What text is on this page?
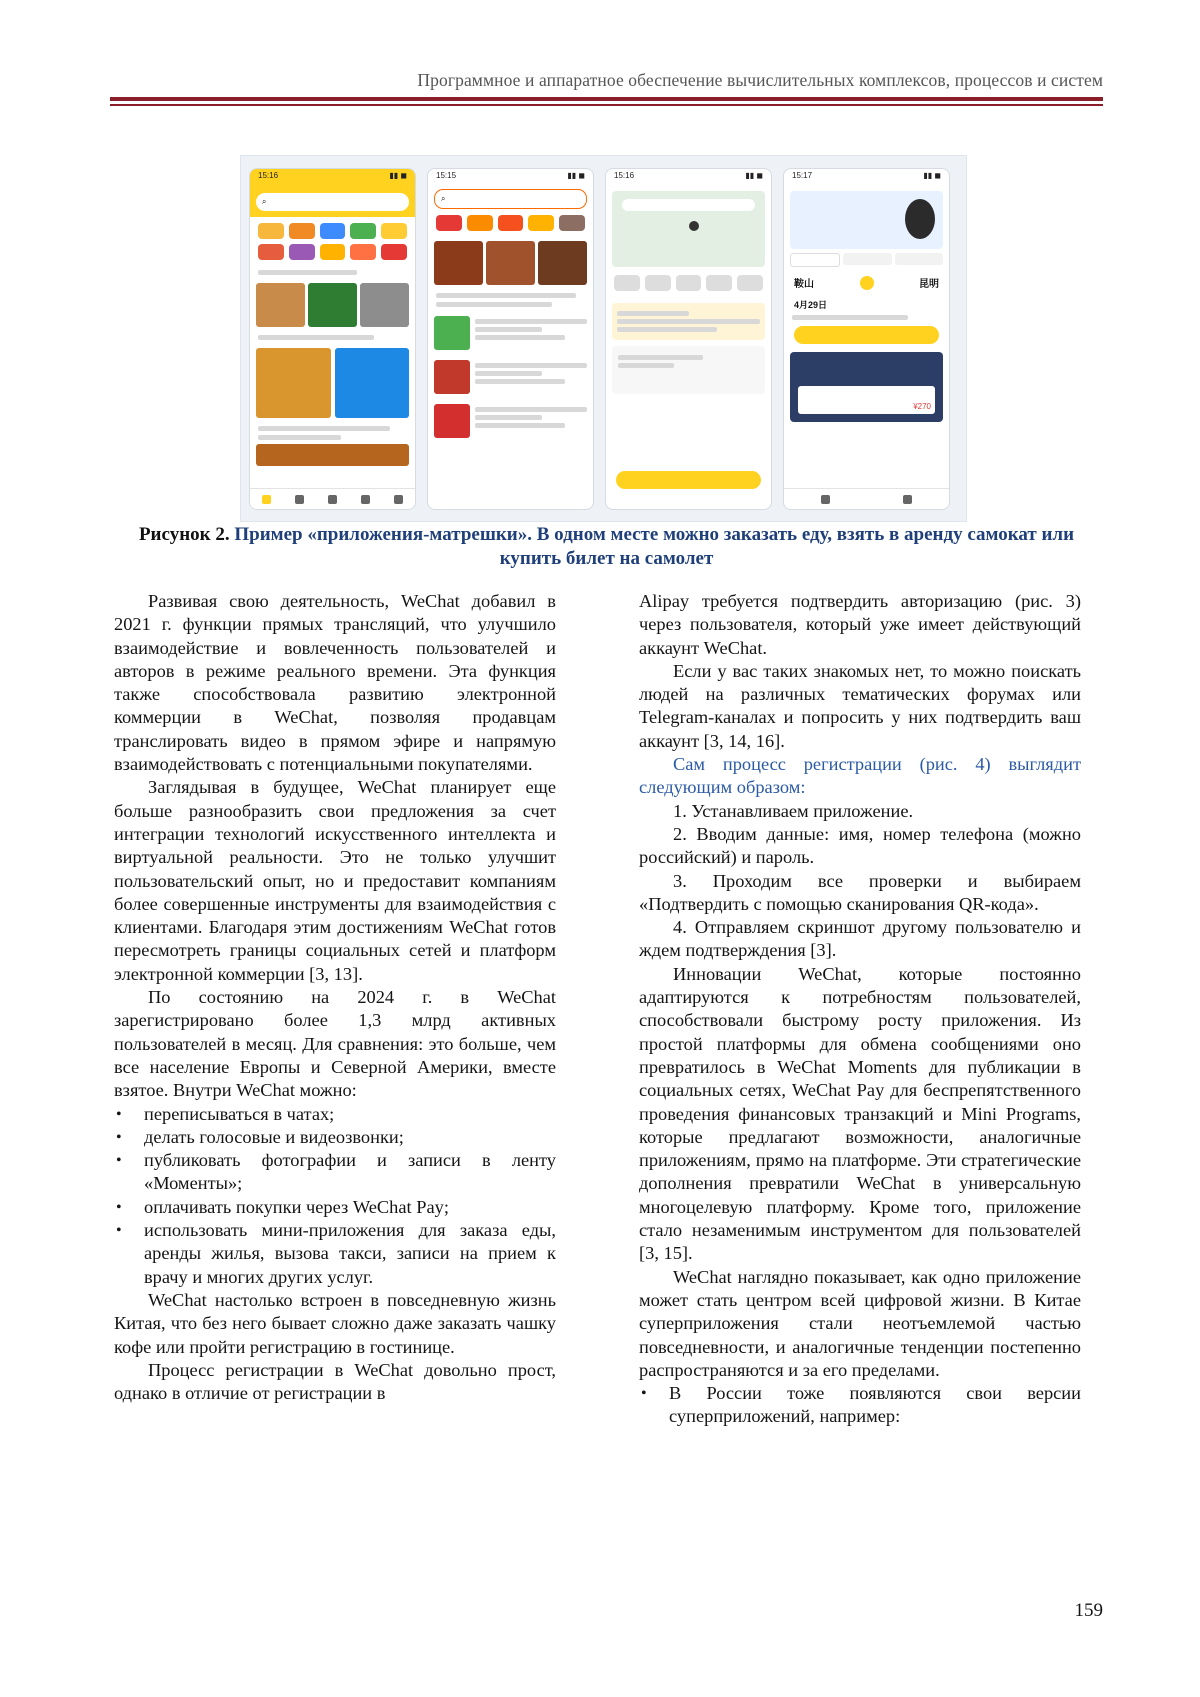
Программное и аппаратное обеспечение вычислительных комплексов, процессов и систем
15:16	▮▮ ◼
⌕
15:15	▮▮ ◼
⌕
15:16	▮▮ ◼	15:17	▮▮ ◼
鞍山	昆明
4月29日
¥270
Рисунок 2. Пример «приложения-матрешки». В одном месте можно заказать еду, взять в аренду самокат или купить билет на самолет

Развивая свою деятельность, WeChat добавил в 2021 г. функции прямых трансляций, что улучшило взаимодействие и вовлеченность пользователей и авторов в режиме реального времени. Эта функция также способствовала развитию электронной коммерции в WeChat, позволяя продавцам транслировать видео в прямом эфире и напрямую взаимодействовать с потенциальными покупателями.

Заглядывая в будущее, WeChat планирует еще больше разнообразить свои предложения за счет интеграции технологий искусственного интеллекта и виртуальной реальности. Это не только улучшит пользовательский опыт, но и предоставит компаниям более совершенные инструменты для взаимодействия с клиентами. Благодаря этим достижениям WeChat готов пересмотреть границы социальных сетей и платформ электронной коммерции [3, 13].

По состоянию на 2024 г. в WeChat зарегистрировано более 1,3 млрд активных пользователей в месяц. Для сравнения: это больше, чем все население Европы и Северной Америки, вместе взятое. Внутри WeChat можно:

• переписываться в чатах;
• делать голосовые и видеозвонки;
• публиковать фотографии и записи в ленту «Моменты»;
• оплачивать покупки через WeChat Pay;
• использовать мини-приложения для заказа еды, аренды жилья, вызова такси, записи на прием к врачу и многих других услуг.

WeChat настолько встроен в повседневную жизнь Китая, что без него бывает сложно даже заказать чашку кофе или пройти регистрацию в гостинице.

Процесс регистрации в WeChat довольно прост, однако в отличие от регистрации в

Alipay требуется подтвердить авторизацию (рис. 3) через пользователя, который уже имеет действующий аккаунт WeChat.

Если у вас таких знакомых нет, то можно поискать людей на различных тематических форумах или Telegram-каналах и попросить у них подтвердить ваш аккаунт [3, 14, 16].

Сам процесс регистрации (рис. 4) выглядит следующим образом:

1. Устанавливаем приложение.

2. Вводим данные: имя, номер телефона (можно российский) и пароль.

3. Проходим все проверки и выбираем «Подтвердить с помощью сканирования QR-кода».

4. Отправляем скриншот другому пользователю и ждем подтверждения [3].

Инновации WeChat, которые постоянно адаптируются к потребностям пользователей, способствовали быстрому росту приложения. Из простой платформы для обмена сообщениями оно превратилось в WeChat Moments для публикации в социальных сетях, WeChat Pay для беспрепятственного проведения финансовых транзакций и Mini Programs, которые предлагают возможности, аналогичные приложениям, прямо на платформе. Эти стратегические дополнения превратили WeChat в универсальную многоцелевую платформу. Кроме того, приложение стало незаменимым инструментом для пользователей [3, 15].

WeChat наглядно показывает, как одно приложение может стать центром всей цифровой жизни. В Китае суперприложения стали неотъемлемой частью повседневности, и аналогичные тенденции постепенно распространяются и за его пределами.

• В России тоже появляются свои версии суперприложений, например:
159
